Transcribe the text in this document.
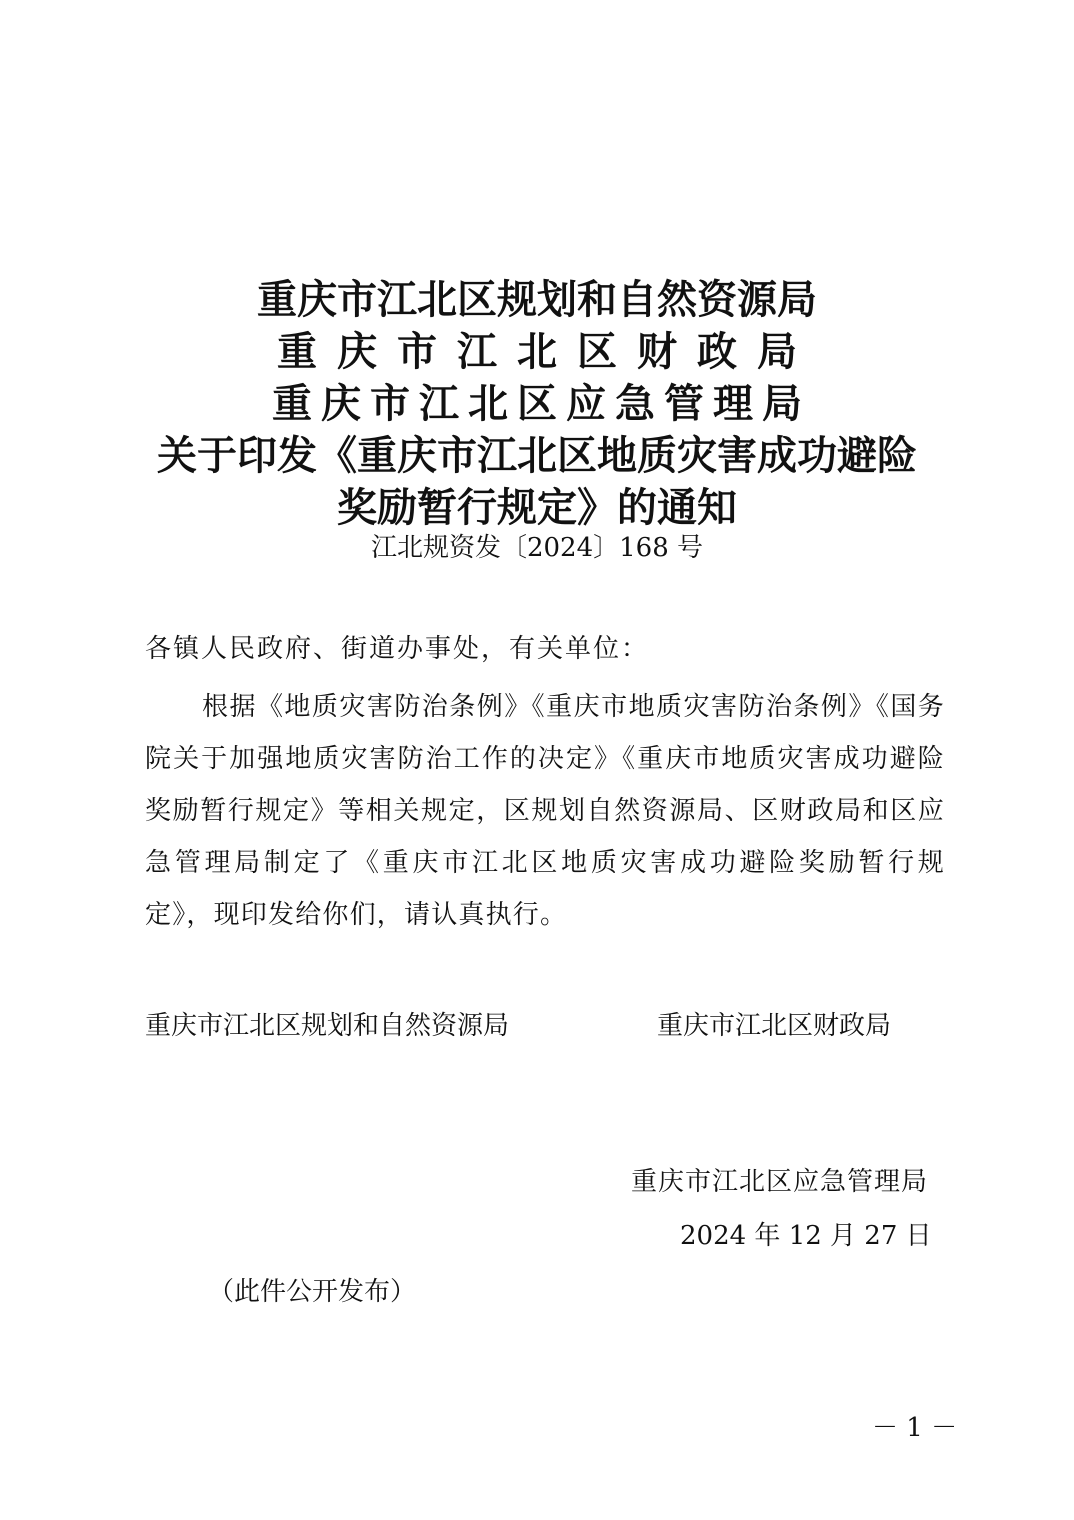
重庆市江北区规划和自然资源局
重庆市江北区财政局
重庆市江北区应急管理局
关于印发《重庆市江北区地质灾害成功避险
奖励暂行规定》的通知
江北规资发〔2024〕168 号
各镇人民政府、街道办事处，有关单位：
根据《地质灾害防治条例》《重庆市地质灾害防治条例》《国务院关于加强地质灾害防治工作的决定》《重庆市地质灾害成功避险奖励暂行规定》等相关规定，区规划自然资源局、区财政局和区应急管理局制定了《重庆市江北区地质灾害成功避险奖励暂行规定》，现印发给你们，请认真执行。
重庆市江北区规划和自然资源局	重庆市江北区财政局
重庆市江北区应急管理局
2024 年 12 月 27 日
（此件公开发布）
－ 1 －
